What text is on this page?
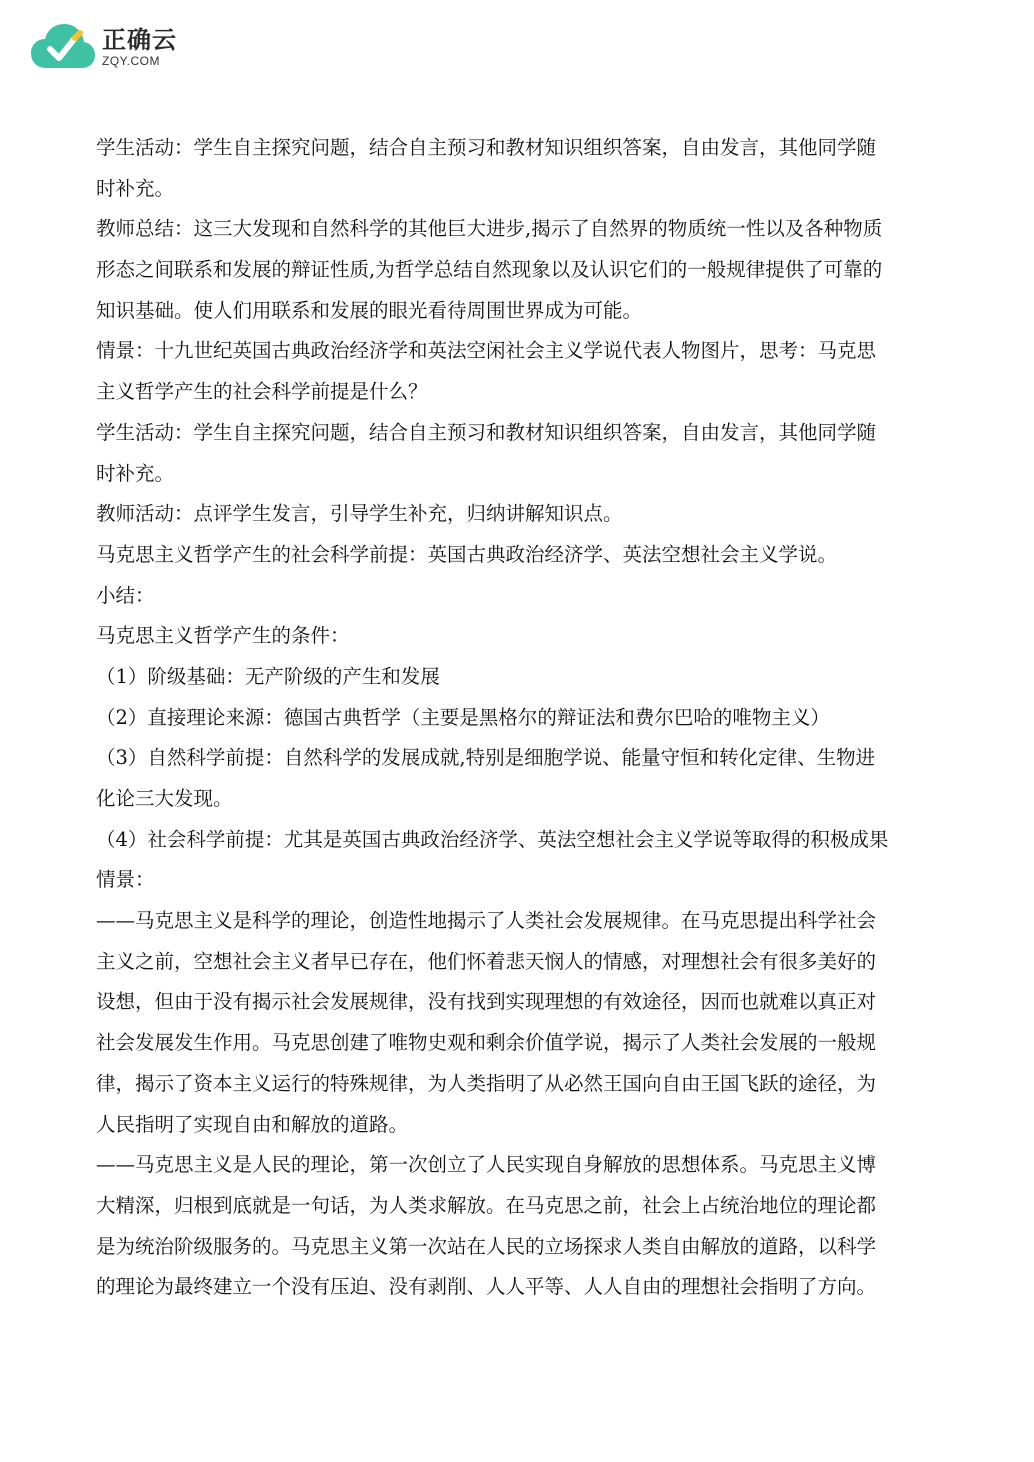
正确云
ZQY.COM
学生活动：学生自主探究问题，结合自主预习和教材知识组织答案，自由发言，其他同学随
时补充。
教师总结：这三大发现和自然科学的其他巨大进步,揭示了自然界的物质统一性以及各种物质
形态之间联系和发展的辩证性质,为哲学总结自然现象以及认识它们的一般规律提供了可靠的
知识基础。使人们用联系和发展的眼光看待周围世界成为可能。
情景：十九世纪英国古典政治经济学和英法空闲社会主义学说代表人物图片，思考：马克思
主义哲学产生的社会科学前提是什么？
学生活动：学生自主探究问题，结合自主预习和教材知识组织答案，自由发言，其他同学随
时补充。
教师活动：点评学生发言，引导学生补充，归纳讲解知识点。
马克思主义哲学产生的社会科学前提：英国古典政治经济学、英法空想社会主义学说。
小结：
马克思主义哲学产生的条件：
（1）阶级基础：无产阶级的产生和发展
（2）直接理论来源：德国古典哲学（主要是黑格尔的辩证法和费尔巴哈的唯物主义）
（3）自然科学前提：自然科学的发展成就,特别是细胞学说、能量守恒和转化定律、生物进
化论三大发现。
（4）社会科学前提：尤其是英国古典政治经济学、英法空想社会主义学说等取得的积极成果
情景：
——马克思主义是科学的理论，创造性地揭示了人类社会发展规律。在马克思提出科学社会
主义之前，空想社会主义者早已存在，他们怀着悲天悯人的情感，对理想社会有很多美好的
设想，但由于没有揭示社会发展规律，没有找到实现理想的有效途径，因而也就难以真正对
社会发展发生作用。马克思创建了唯物史观和剩余价值学说，揭示了人类社会发展的一般规
律，揭示了资本主义运行的特殊规律，为人类指明了从必然王国向自由王国飞跃的途径，为
人民指明了实现自由和解放的道路。
——马克思主义是人民的理论，第一次创立了人民实现自身解放的思想体系。马克思主义博
大精深，归根到底就是一句话，为人类求解放。在马克思之前，社会上占统治地位的理论都
是为统治阶级服务的。马克思主义第一次站在人民的立场探求人类自由解放的道路，以科学
的理论为最终建立一个没有压迫、没有剥削、人人平等、人人自由的理想社会指明了方向。
